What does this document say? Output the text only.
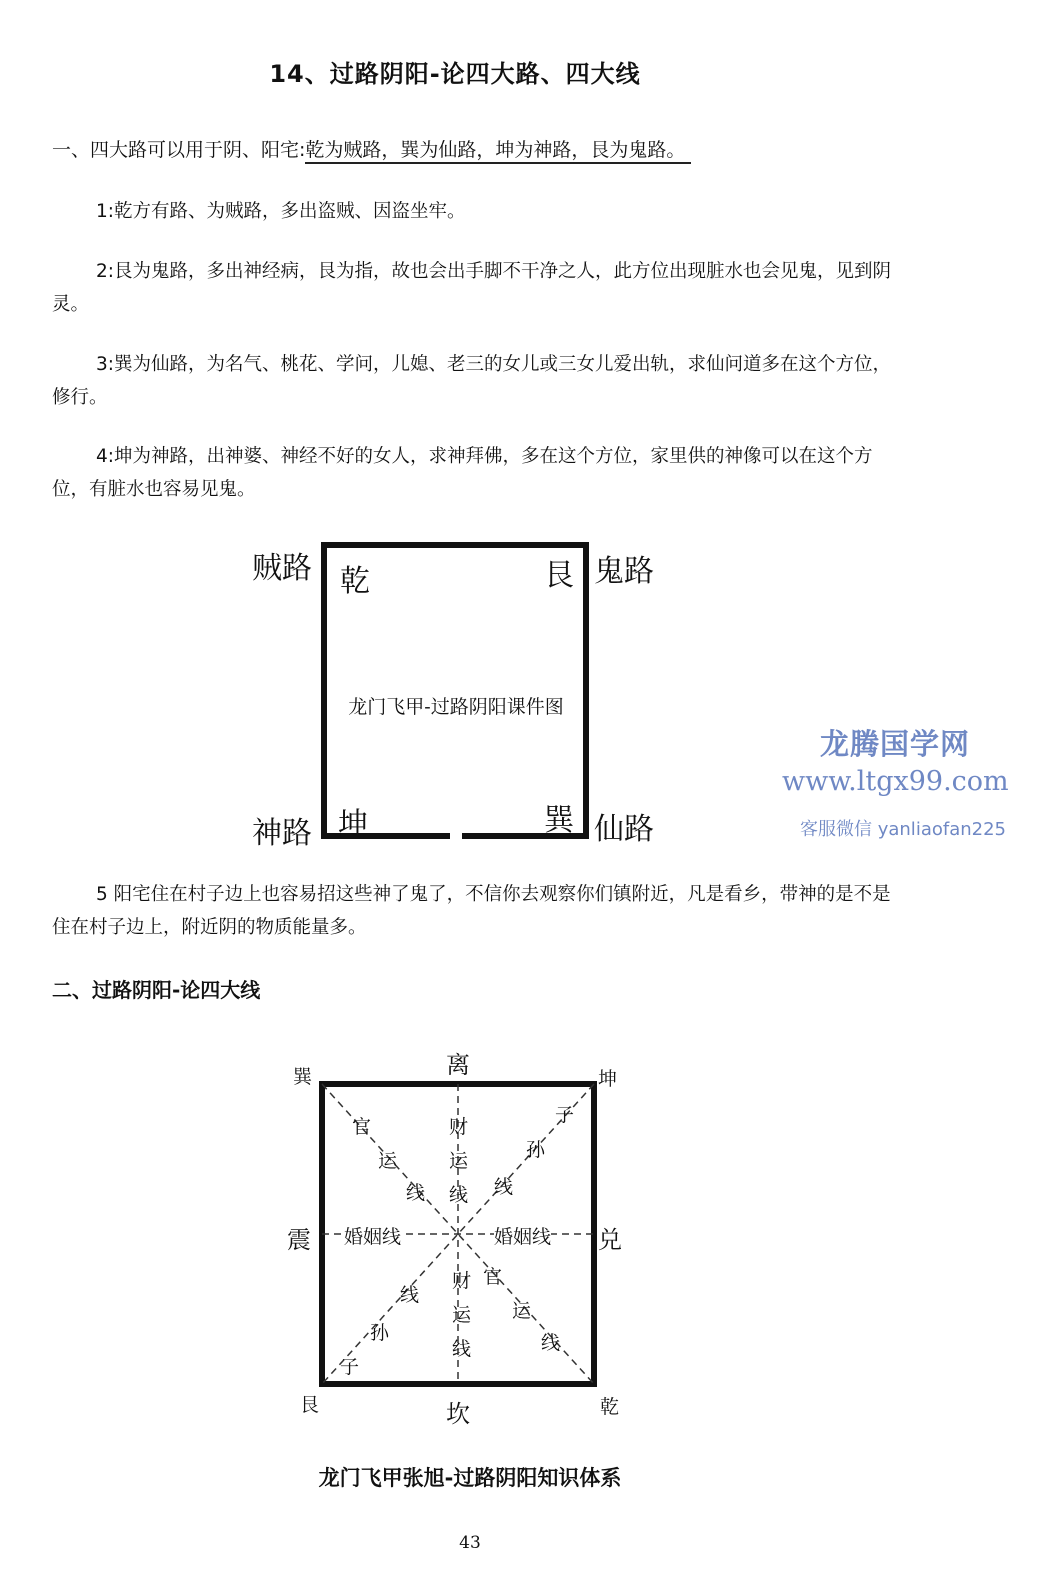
14、过路阴阳-论四大路、四大线
一、四大路可以用于阴、阳宅:乾为贼路，巽为仙路，坤为神路，艮为鬼路。
1:乾方有路、为贼路，多出盗贼、因盗坐牢。
2:艮为鬼路，多出神经病，艮为指，故也会出手脚不干净之人，此方位出现脏水也会见鬼，见到阴灵。
3:巽为仙路，为名气、桃花、学问，儿媳、老三的女儿或三女儿爱出轨，求仙问道多在这个方位，修行。
4:坤为神路，出神婆、神经不好的女人，求神拜佛，多在这个方位，家里供的神像可以在这个方位，有脏水也容易见鬼。
贼路	鬼路
神路	仙路
乾	艮
坤	巽
龙门飞甲-过路阴阳课件图
龙腾国学网
www.ltgx99.com
客服微信 yanliaofan225
5 阳宅住在村子边上也容易招这些神了鬼了，不信你去观察你们镇附近，凡是看乡，带神的是不是住在村子边上，附近阴的物质能量多。
二、过路阴阳-论四大线
离
坎
震	兑
巽	坤
艮	乾
官
运
线
财
运
线
子
孙
线
婚姻线	婚姻线
财
运
线
官
运
线
线
孙
子
龙门飞甲张旭-过路阴阳知识体系
43
